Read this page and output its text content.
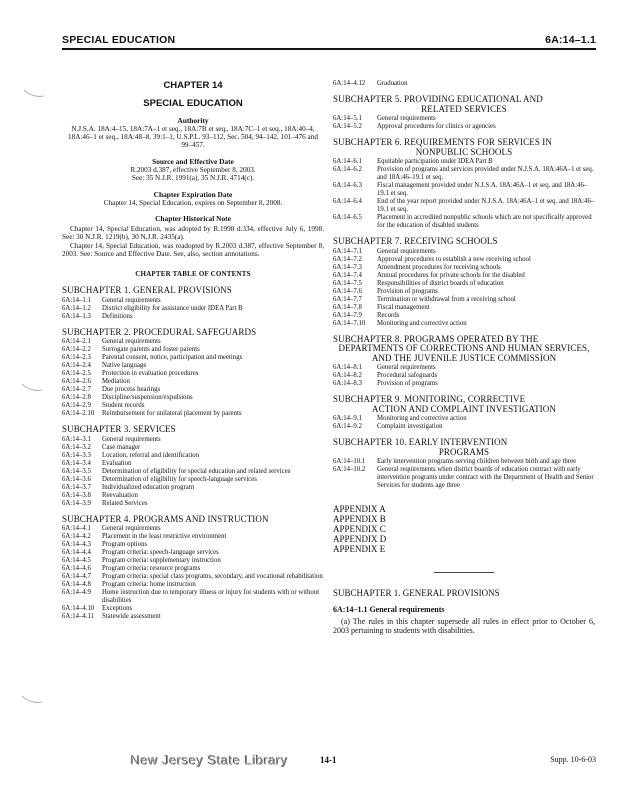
SPECIAL EDUCATION	6A:14–1.1
CHAPTER 14
SPECIAL EDUCATION
Authority
N.J.S.A. 18A:4–15, 18A:7A–1 et seq., 18A:7B et seq., 18A:7C–1 et seq., 18A:40–4, 18A:46–1 et seq., 18A:48–8, 39:1–1, U.S.P.L. 93–112, Sec. 504, 94–142, 101–476 and 99–457.
Source and Effective Date
R.2003 d.387, effective September 8, 2003.
See: 35 N.J.R. 1991(a), 35 N.J.R. 4714(c).
Chapter Expiration Date
Chapter 14, Special Education, expires on September 8, 2008.
Chapter Historical Note
Chapter 14, Special Education, was adopted by R.1998 d.334, effective July 6, 1998. See: 30 N.J.R. 1219(b), 30 N.J.R. 2435(a).
Chapter 14, Special Education, was readopted by R.2003 d.387, effective September 8, 2003. See: Source and Effective Date. See, also, section annotations.
CHAPTER TABLE OF CONTENTS
SUBCHAPTER 1. GENERAL PROVISIONS
6A:14–1.1	General requirements
6A:14–1.2	District eligibility for assistance under IDEA Part B
6A:14–1.3	Definitions
SUBCHAPTER 2. PROCEDURAL SAFEGUARDS
6A:14–2.1	General requirements
6A:14–2.2	Surrogate parents and foster parents
6A:14–2.3	Parental consent, notice, participation and meetings
6A:14–2.4	Native language
6A:14–2.5	Protection in evaluation procedures
6A:14–2.6	Mediation
6A:14–2.7	Due process hearings
6A:14–2.8	Discipline/suspension/expulsions
6A:14–2.9	Student records
6A:14–2.10	Reimbursement for unilateral placement by parents
SUBCHAPTER 3. SERVICES
6A:14–3.1	General requirements
6A:14–3.2	Case manager
6A:14–3.3	Location, referral and identification
6A:14–3.4	Evaluation
6A:14–3.5	Determination of eligibility for special education and related services
6A:14–3.6	Determination of eligibility for speech-language services
6A:14–3.7	Individualized education program
6A:14–3.8	Reevaluation
6A:14–3.9	Related Services
SUBCHAPTER 4. PROGRAMS AND INSTRUCTION
6A:14–4.1	General requirements
6A:14–4.2	Placement in the least restrictive environment
6A:14–4.3	Program options
6A:14–4.4	Program criteria: speech-language services
6A:14–4.5	Program criteria: supplementary instruction
6A:14–4.6	Program criteria: resource programs
6A:14–4.7	Program criteria: special class programs, secondary, and vocational rehabilitation
6A:14–4.8	Program criteria: home instruction
6A:14–4.9	Home instruction due to temporary illness or injury for students with or without disabilities
6A:14–4.10	Exceptions
6A:14–4.11	Statewide assessment
6A:14–4.12	Graduation
SUBCHAPTER 5. PROVIDING EDUCATIONAL AND
RELATED SERVICES
6A:14–5.1	General requirements
6A:14–5.2	Approval procedures for clinics or agencies
SUBCHAPTER 6. REQUIREMENTS FOR SERVICES IN
NONPUBLIC SCHOOLS
6A:14–6.1	Equitable participation under IDEA Part B
6A:14–6.2	Provision of programs and services provided under N.J.S.A. 18A:46A–1 et seq. and 18A:46–19.1 et seq.
6A:14–6.3	Fiscal management provided under N.J.S.A. 18A:46A–1 et seq. and 18A:46–19.1 et seq.
6A:14–6.4	End of the year report provided under N.J.S.A. 18A:46A–1 et seq. and 18A:46–19.1 et seq.
6A:14–6.5	Placement in accredited nonpublic schools which are not specifically approved for the education of disabled students
SUBCHAPTER 7. RECEIVING SCHOOLS
6A:14–7.1	General requirements
6A:14–7.2	Approval procedures to establish a new receiving school
6A:14–7.3	Amendment procedures for receiving schools
6A:14–7.4	Annual procedures for private schools for the disabled
6A:14–7.5	Responsibilities of district boards of education
6A:14–7.6	Provision of programs
6A:14–7.7	Termination or withdrawal from a receiving school
6A:14–7.8	Fiscal management
6A:14–7.9	Records
6A:14–7.10	Monitoring and corrective action
SUBCHAPTER 8. PROGRAMS OPERATED BY THE
DEPARTMENTS OF CORRECTIONS AND HUMAN SERVICES, AND THE JUVENILE JUSTICE COMMISSION
6A:14–8.1	General requirements
6A:14–8.2	Procedural safeguards
6A:14–8.3	Provision of programs
SUBCHAPTER 9. MONITORING, CORRECTIVE
ACTION AND COMPLAINT INVESTIGATION
6A:14–9.1	Monitoring and corrective action
6A:14–9.2	Complaint investigation
SUBCHAPTER 10. EARLY INTERVENTION
PROGRAMS
6A:14–10.1	Early intervention programs serving children between birth and age three
6A:14–10.2	General requirements when district boards of education contract with early intervention programs under contract with the Department of Health and Senior Services for students age three
APPENDIX A
APPENDIX B
APPENDIX C
APPENDIX D
APPENDIX E
SUBCHAPTER 1. GENERAL PROVISIONS
6A:14–1.1 General requirements
(a) The rules in this chapter supersede all rules in effect prior to October 6, 2003 pertaining to students with disabilities.
New Jersey State Library	14-1	Supp. 10-6-03
